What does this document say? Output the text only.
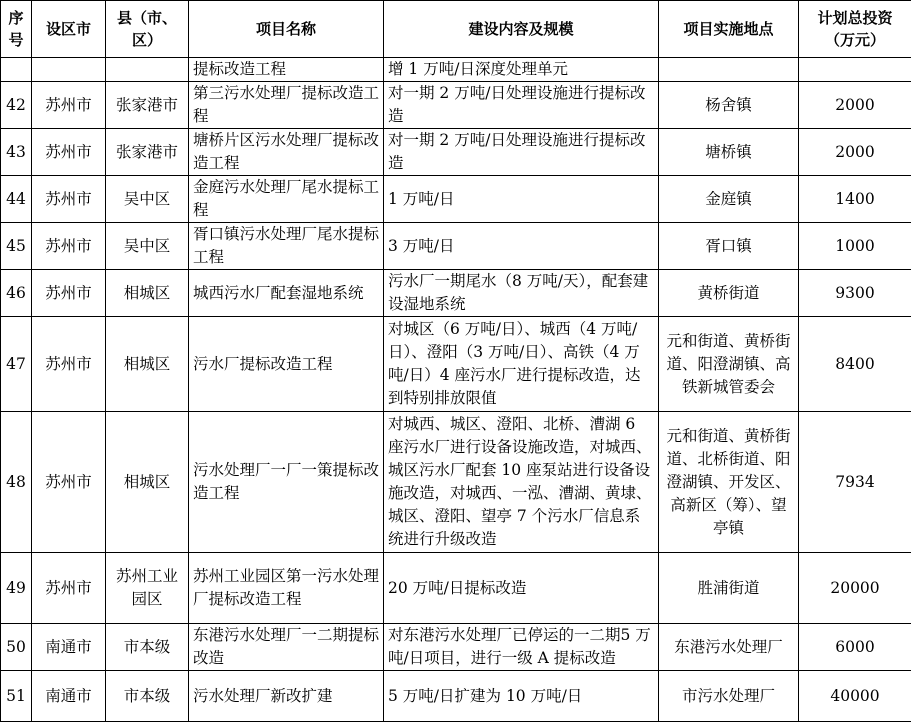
序号	设区市	县（市、区）	项目名称	建设内容及规模	项目实施地点	计划总投资（万元）
			提标改造工程	增 1 万吨/日深度处理单元		
42	苏州市	张家港市	第三污水处理厂提标改造工程	对一期 2 万吨/日处理设施进行提标改造	杨舍镇	2000
43	苏州市	张家港市	塘桥片区污水处理厂提标改造工程	对一期 2 万吨/日处理设施进行提标改造	塘桥镇	2000
44	苏州市	吴中区	金庭污水处理厂尾水提标工程	1 万吨/日	金庭镇	1400
45	苏州市	吴中区	胥口镇污水处理厂尾水提标工程	3 万吨/日	胥口镇	1000
46	苏州市	相城区	城西污水厂配套湿地系统	污水厂一期尾水（8 万吨/天），配套建设湿地系统	黄桥街道	9300
47	苏州市	相城区	污水厂提标改造工程	对城区（6 万吨/日）、城西（4 万吨/日）、澄阳（3 万吨/日）、高铁（4 万吨/日）4 座污水厂进行提标改造，达到特别排放限值	元和街道、黄桥街道、阳澄湖镇、高铁新城管委会	8400
48	苏州市	相城区	污水处理厂一厂一策提标改造工程	对城西、城区、澄阳、北桥、漕湖 6 座污水厂进行设备设施改造，对城西、城区污水厂配套 10 座泵站进行设备设施改造，对城西、一泓、漕湖、黄埭、城区、澄阳、望亭 7 个污水厂信息系统进行升级改造	元和街道、黄桥街道、北桥街道、阳澄湖镇、开发区、高新区（筹）、望亭镇	7934
49	苏州市	苏州工业园区	苏州工业园区第一污水处理厂提标改造工程	20 万吨/日提标改造	胜浦街道	20000
50	南通市	市本级	东港污水处理厂一二期提标改造	对东港污水处理厂已停运的一二期5 万吨/日项目，进行一级 A 提标改造	东港污水处理厂	6000
51	南通市	市本级	污水处理厂新改扩建	5 万吨/日扩建为 10 万吨/日	市污水处理厂	40000
